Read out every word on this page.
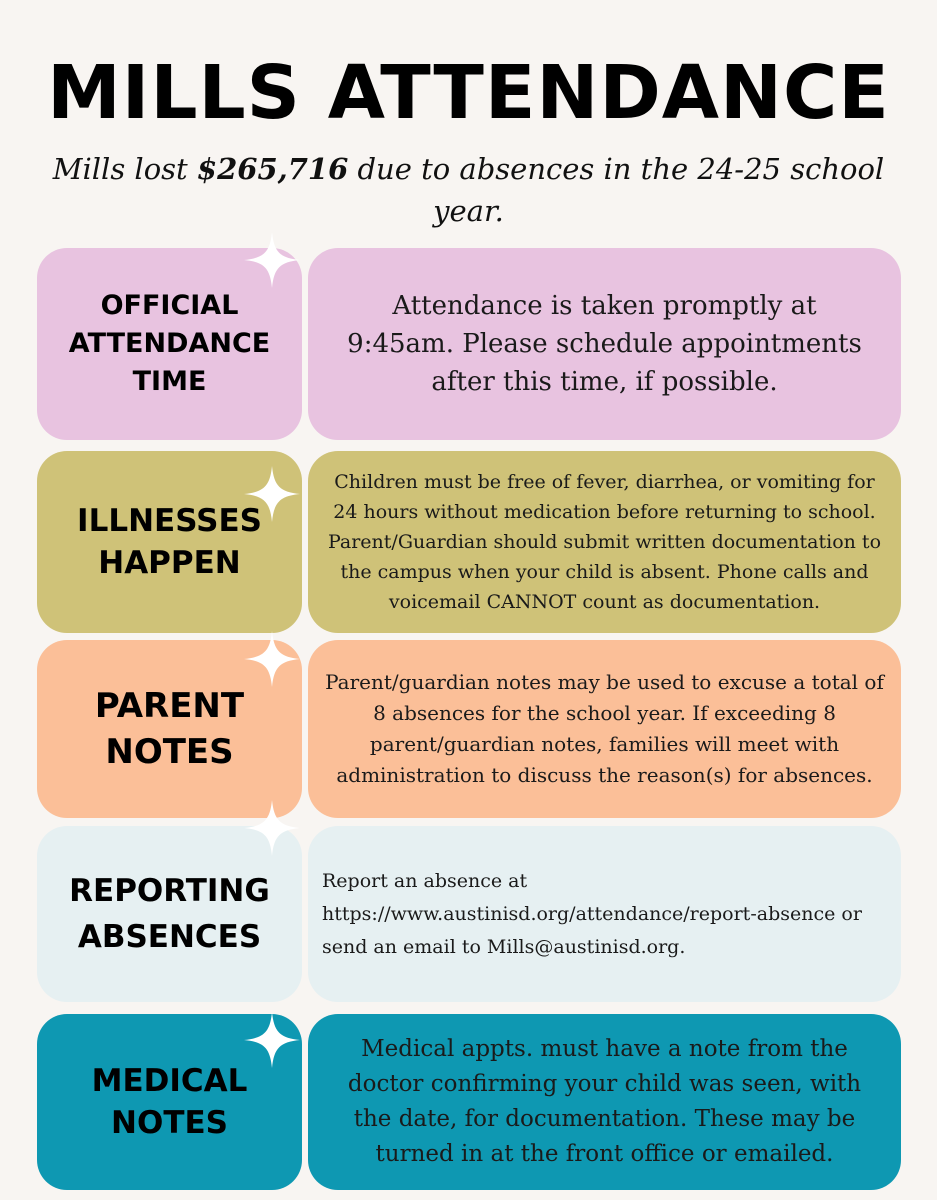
MILLS ATTENDANCE
Mills lost $265,716 due to absences in the 24-25 school year.
OFFICIAL
ATTENDANCE
TIME
Attendance is taken promptly at 9:45am. Please schedule appointments after this time, if possible.
ILLNESSES
HAPPEN
Children must be free of fever, diarrhea, or vomiting for 24 hours without medication before returning to school. Parent/Guardian should submit written documentation to the campus when your child is absent. Phone calls and voicemail CANNOT count as documentation.
PARENT
NOTES
Parent/guardian notes may be used to excuse a total of 8 absences for the school year. If exceeding 8 parent/guardian notes, families will meet with administration to discuss the reason(s) for absences.
REPORTING
ABSENCES
Report an absence at https://www.austinisd.org/attendance/report-absence or send an email to Mills@austinisd.org.
MEDICAL
NOTES
Medical appts. must have a note from the doctor confirming your child was seen, with the date, for documentation. These may be turned in at the front office or emailed.
